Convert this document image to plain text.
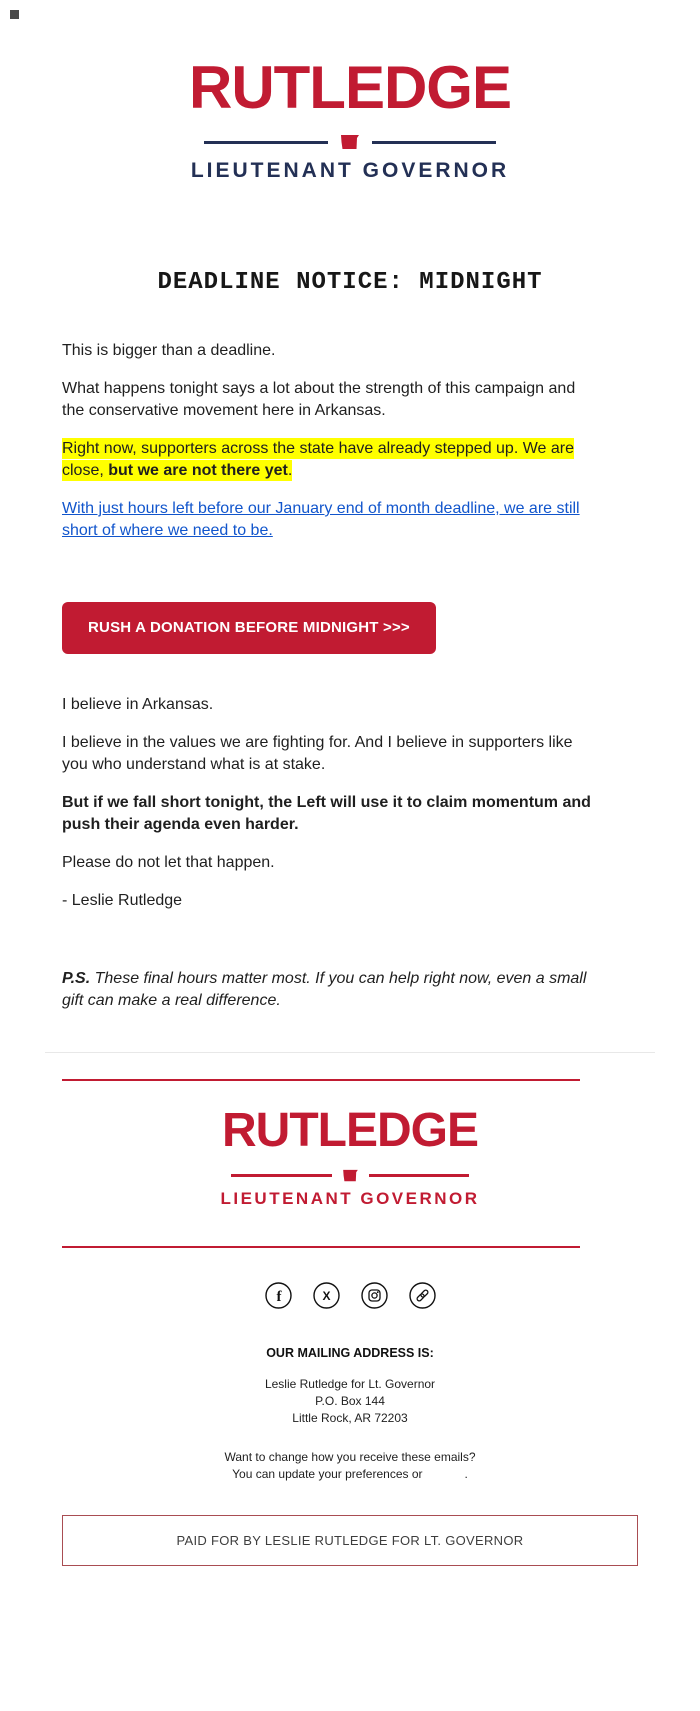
RUTLEDGE
LIEUTENANT GOVERNOR
DEADLINE NOTICE: MIDNIGHT

This is bigger than a deadline.

What happens tonight says a lot about the strength of this campaign and the conservative movement here in Arkansas.

Right now, supporters across the state have already stepped up. We are close, but we are not there yet.

With just hours left before our January end of month deadline, we are still short of where we need to be.

RUSH A DONATION BEFORE MIDNIGHT >>>

I believe in Arkansas.

I believe in the values we are fighting for. And I believe in supporters like you who understand what is at stake.

But if we fall short tonight, the Left will use it to claim momentum and push their agenda even harder.

Please do not let that happen.

- Leslie Rutledge

P.S. These final hours matter most. If you can help right now, even a small gift can make a real difference.

RUTLEDGE
LIEUTENANT GOVERNOR
f	X
OUR MAILING ADDRESS IS:
Leslie Rutledge for Lt. Governor
P.O. Box 144
Little Rock, AR 72203
Want to change how you receive these emails?
You can update your preferences or	.
PAID FOR BY LESLIE RUTLEDGE FOR LT. GOVERNOR
